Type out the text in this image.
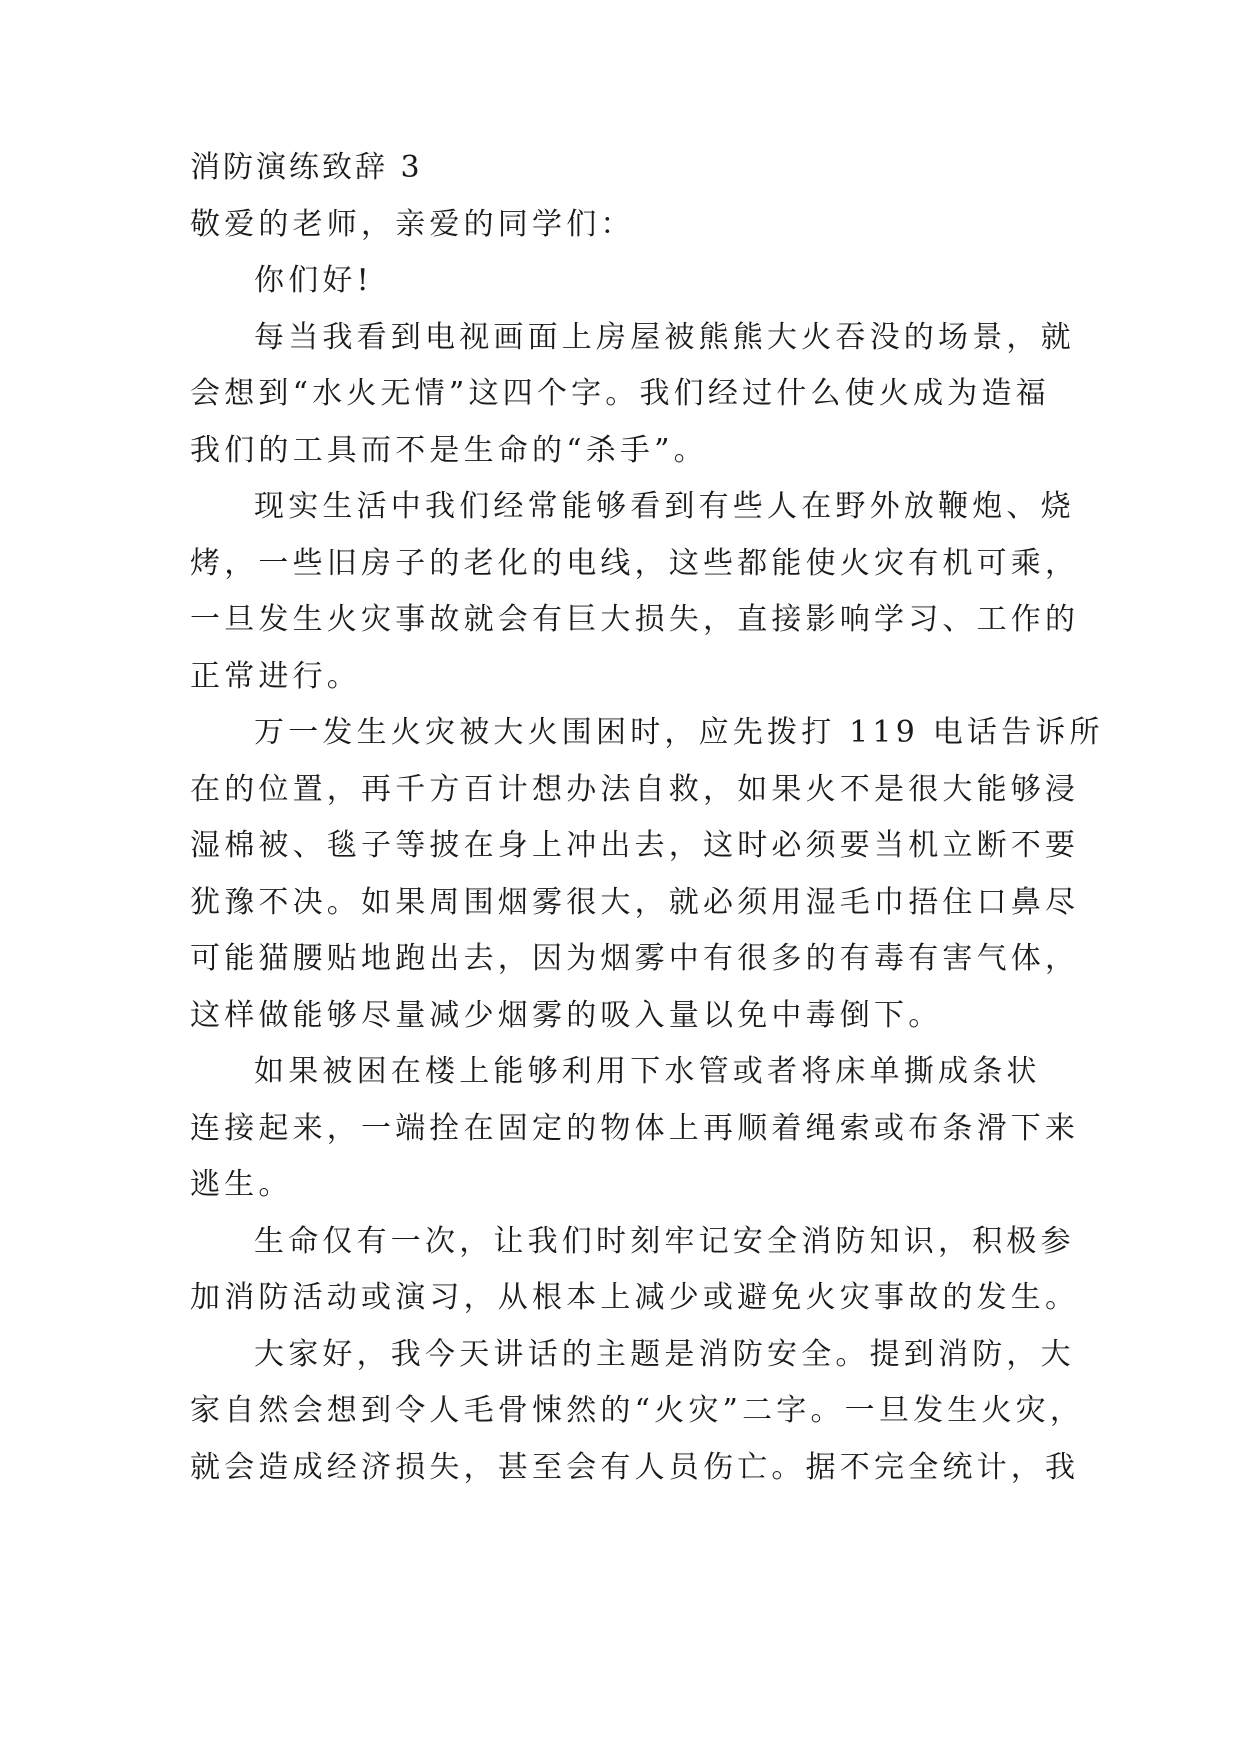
消防演练致辞 3

敬爱的老师，亲爱的同学们：

你们好!

每当我看到电视画面上房屋被熊熊大火吞没的场景，就

会想到“水火无情”这四个字。我们经过什么使火成为造福

我们的工具而不是生命的“杀手”。

现实生活中我们经常能够看到有些人在野外放鞭炮、烧

烤，一些旧房子的老化的电线，这些都能使火灾有机可乘，

一旦发生火灾事故就会有巨大损失，直接影响学习、工作的

正常进行。

万一发生火灾被大火围困时，应先拨打 119 电话告诉所

在的位置，再千方百计想办法自救，如果火不是很大能够浸

湿棉被、毯子等披在身上冲出去，这时必须要当机立断不要

犹豫不决。如果周围烟雾很大，就必须用湿毛巾捂住口鼻尽

可能猫腰贴地跑出去，因为烟雾中有很多的有毒有害气体，

这样做能够尽量减少烟雾的吸入量以免中毒倒下。

如果被困在楼上能够利用下水管或者将床单撕成条状

连接起来，一端拴在固定的物体上再顺着绳索或布条滑下来

逃生。

生命仅有一次，让我们时刻牢记安全消防知识，积极参

加消防活动或演习，从根本上减少或避免火灾事故的发生。

大家好，我今天讲话的主题是消防安全。提到消防，大

家自然会想到令人毛骨悚然的“火灾”二字。一旦发生火灾，

就会造成经济损失，甚至会有人员伤亡。据不完全统计，我
